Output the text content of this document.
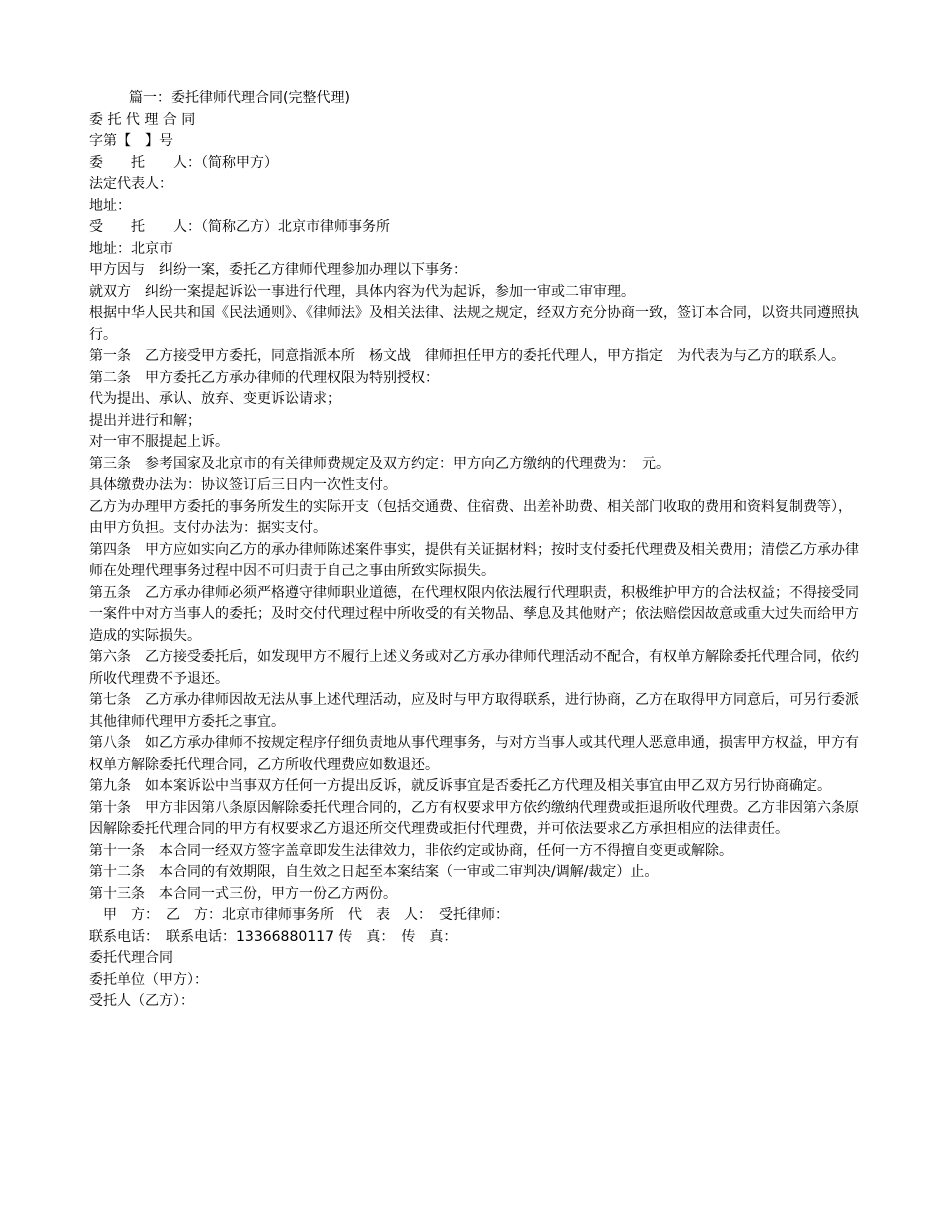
篇一：委托律师代理合同(完整代理)
委 托 代 理 合 同
字第【　】号
委　　托　　人：（简称甲方）
法定代表人：
地址：
受　　托　　人：（简称乙方）北京市律师事务所
地址：北京市
甲方因与　纠纷一案，委托乙方律师代理参加办理以下事务：
就双方　纠纷一案提起诉讼一事进行代理，具体内容为代为起诉，参加一审或二审审理。
根据中华人民共和国《民法通则》、《律师法》及相关法律、法规之规定，经双方充分协商一致，签订本合同，以资共同遵照执行。
第一条　乙方接受甲方委托，同意指派本所　杨文战　律师担任甲方的委托代理人，甲方指定　为代表为与乙方的联系人。
第二条　甲方委托乙方承办律师的代理权限为特别授权：
代为提出、承认、放弃、变更诉讼请求；
提出并进行和解；
对一审不服提起上诉。
第三条　参考国家及北京市的有关律师费规定及双方约定：甲方向乙方缴纳的代理费为：　元。
具体缴费办法为：协议签订后三日内一次性支付。
乙方为办理甲方委托的事务所发生的实际开支（包括交通费、住宿费、出差补助费、相关部门收取的费用和资料复制费等），由甲方负担。支付办法为：据实支付。
第四条　甲方应如实向乙方的承办律师陈述案件事实，提供有关证据材料；按时支付委托代理费及相关费用；清偿乙方承办律师在处理代理事务过程中因不可归责于自己之事由所致实际损失。
第五条　乙方承办律师必须严格遵守律师职业道德，在代理权限内依法履行代理职责，积极维护甲方的合法权益；不得接受同一案件中对方当事人的委托；及时交付代理过程中所收受的有关物品、孳息及其他财产；依法赔偿因故意或重大过失而给甲方造成的实际损失。
第六条　乙方接受委托后，如发现甲方不履行上述义务或对乙方承办律师代理活动不配合，有权单方解除委托代理合同，依约所收代理费不予退还。
第七条　乙方承办律师因故无法从事上述代理活动，应及时与甲方取得联系，进行协商，乙方在取得甲方同意后，可另行委派其他律师代理甲方委托之事宜。
第八条　如乙方承办律师不按规定程序仔细负责地从事代理事务，与对方当事人或其代理人恶意串通，损害甲方权益，甲方有权单方解除委托代理合同，乙方所收代理费应如数退还。
第九条　如本案诉讼中当事双方任何一方提出反诉，就反诉事宜是否委托乙方代理及相关事宜由甲乙双方另行协商确定。
第十条　甲方非因第八条原因解除委托代理合同的，乙方有权要求甲方依约缴纳代理费或拒退所收代理费。乙方非因第六条原因解除委托代理合同的甲方有权要求乙方退还所交代理费或拒付代理费，并可依法要求乙方承担相应的法律责任。
第十一条　本合同一经双方签字盖章即发生法律效力，非依约定或协商，任何一方不得擅自变更或解除。
第十二条　本合同的有效期限，自生效之日起至本案结案（一审或二审判决/调解/裁定）止。
第十三条　本合同一式三份，甲方一份乙方两份。
　甲　方：　乙　方：北京市律师事务所　代　表　人：　受托律师：
联系电话：　联系电话：13366880117 传　真：　传　真：
委托代理合同
委托单位（甲方）：
受托人（乙方）：
